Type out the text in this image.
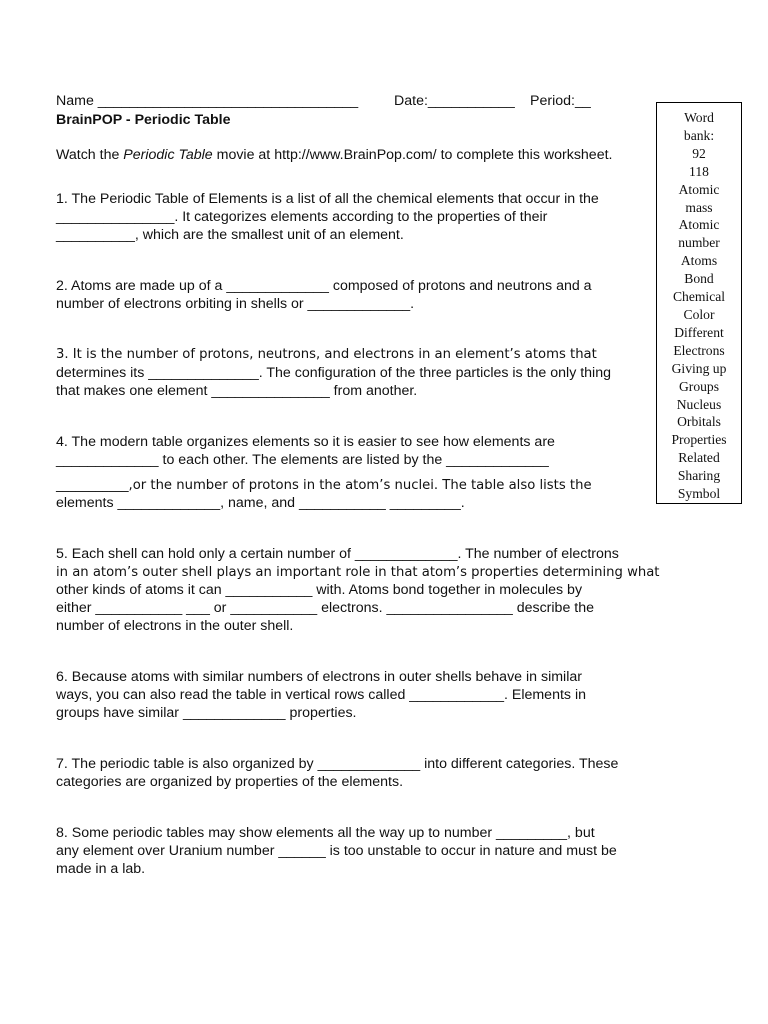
Name _________________________________	Date:___________ Period:__
BrainPOP - Periodic Table
Watch the Periodic Table movie at http://www.BrainPop.com/ to complete this worksheet.
1. The Periodic Table of Elements is a list of all the chemical elements that occur in the
_______________. It categorizes elements according to the properties of their
__________, which are the smallest unit of an element.
2. Atoms are made up of a _____________ composed of protons and neutrons and a
number of electrons orbiting in shells or _____________.
3. It is the number of protons, neutrons, and electrons in an element’s atoms that
determines its ______________. The configuration of the three particles is the only thing
that makes one element _______________ from another.
4. The modern table organizes elements so it is easier to see how elements are
_____________ to each other. The elements are listed by the _____________
___________,or the number of protons in the atom’s nuclei. The table also lists the
elements _____________, name, and ___________ _________.
5. Each shell can hold only a certain number of _____________. The number of electrons
in an atom’s outer shell plays an important role in that atom’s properties determining what
other kinds of atoms it can ___________ with. Atoms bond together in molecules by
either ___________ ___ or ___________ electrons. ________________ describe the
number of electrons in the outer shell.
6. Because atoms with similar numbers of electrons in outer shells behave in similar
ways, you can also read the table in vertical rows called ____________. Elements in
groups have similar _____________ properties.
7. The periodic table is also organized by _____________ into different categories. These
categories are organized by properties of the elements.
8. Some periodic tables may show elements all the way up to number _________, but
any element over Uranium number ______ is too unstable to occur in nature and must be
made in a lab.
Word
bank:
92
118
Atomic
mass
Atomic
number
Atoms
Bond
Chemical
Color
Different
Electrons
Giving up
Groups
Nucleus
Orbitals
Properties
Related
Sharing
Symbol
